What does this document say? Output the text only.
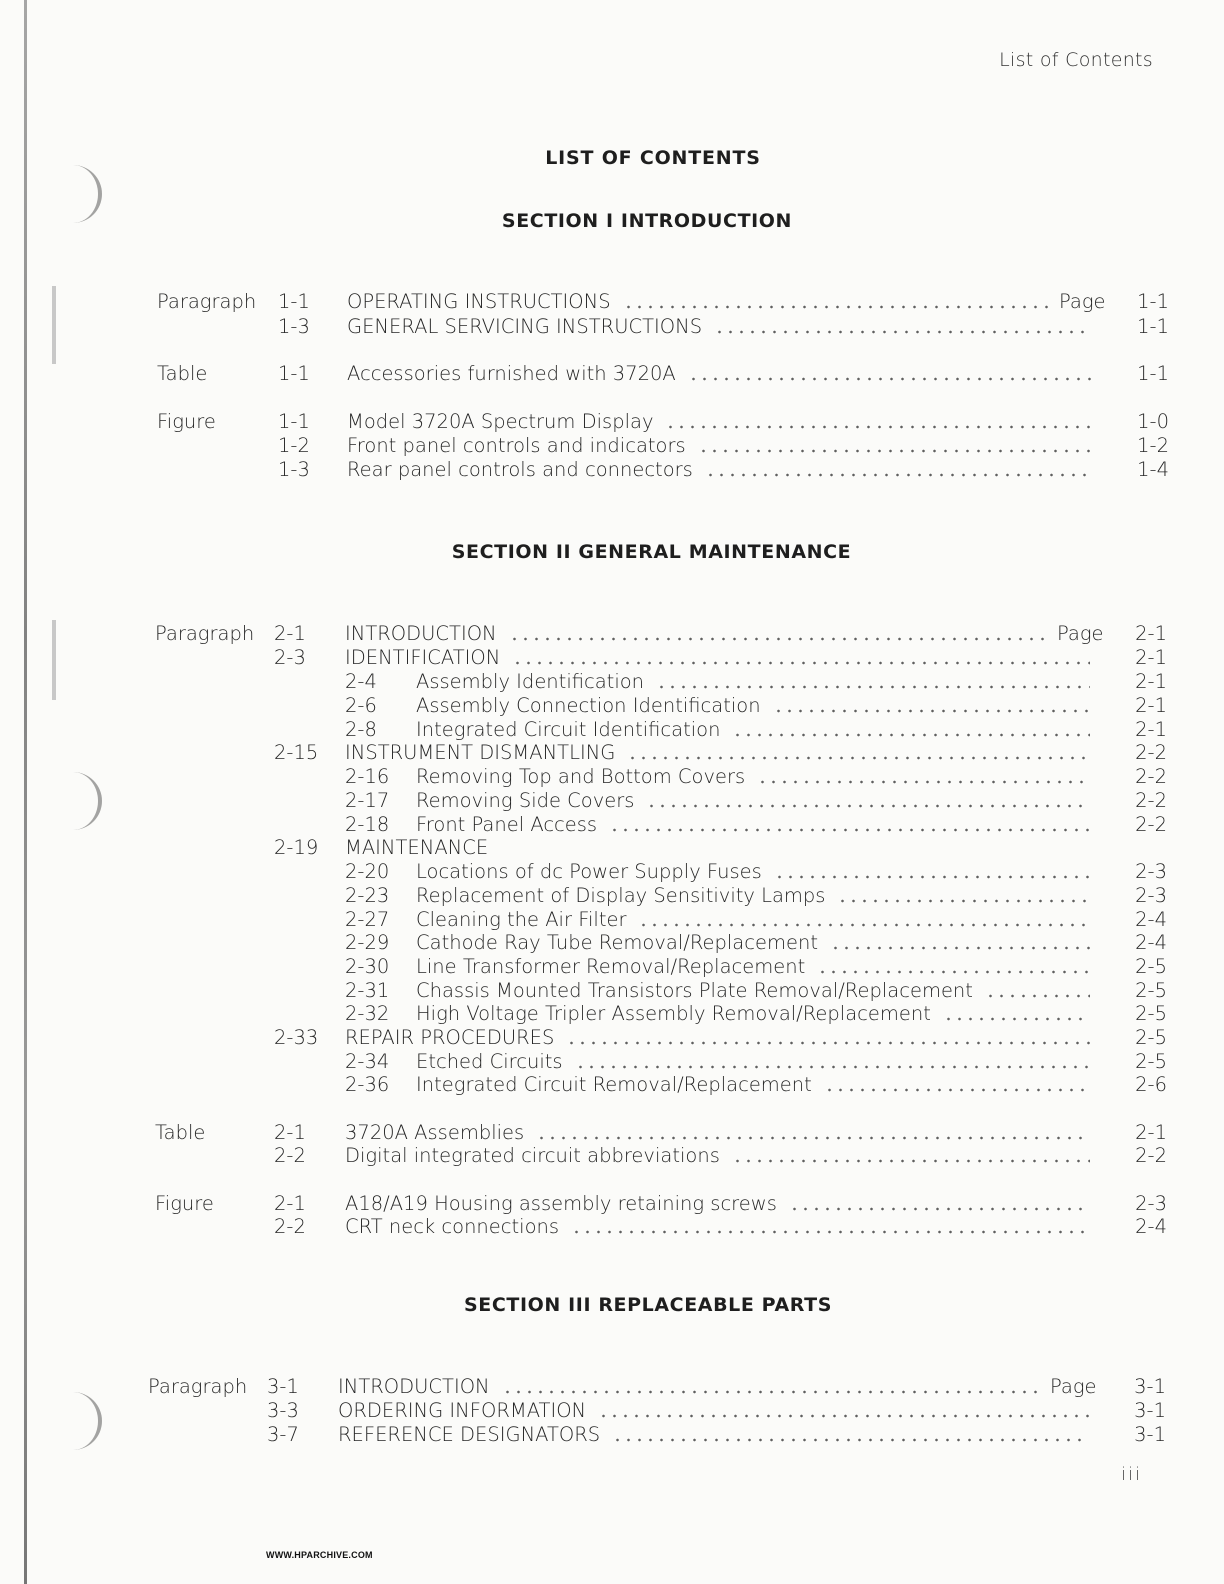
List of Contents
LIST OF CONTENTS
SECTION I INTRODUCTION
Paragraph 1-1 OPERATING INSTRUCTIONS	Page	1-1
1-3 GENERAL SERVICING INSTRUCTIONS	1-1
Table	1-1 Accessories furnished with 3720A	1-1
Figure	1-1 Model 3720A Spectrum Display	1-0
1-2 Front panel controls and indicators	1-2
1-3 Rear panel controls and connectors	1-4
SECTION II GENERAL MAINTENANCE
Paragraph 2-1 INTRODUCTION	Page	2-1
2-3 IDENTIFICATION	2-1
2-4 Assembly Identification	2-1
2-6 Assembly Connection Identification	2-1
2-8 Integrated Circuit Identification	2-1
2-15 INSTRUMENT DISMANTLING	2-2
2-16 Removing Top and Bottom Covers	2-2
2-17 Removing Side Covers	2-2
2-18 Front Panel Access	2-2
2-19 MAINTENANCE
2-20 Locations of dc Power Supply Fuses	2-3
2-23 Replacement of Display Sensitivity Lamps	2-3
2-27 Cleaning the Air Filter	2-4
2-29 Cathode Ray Tube Removal/Replacement	2-4
2-30 Line Transformer Removal/Replacement	2-5
2-31 Chassis Mounted Transistors Plate Removal/Replacement	2-5
2-32 High Voltage Tripler Assembly Removal/Replacement	2-5
2-33 REPAIR PROCEDURES	2-5
2-34 Etched Circuits	2-5
2-36 Integrated Circuit Removal/Replacement	2-6
Table	2-1 3720A Assemblies	2-1
2-2 Digital integrated circuit abbreviations	2-2
Figure	2-1 A18/A19 Housing assembly retaining screws	2-3
2-2 CRT neck connections	2-4
SECTION III REPLACEABLE PARTS
Paragraph 3-1 INTRODUCTION	Page	3-1
3-3 ORDERING INFORMATION	3-1
3-7 REFERENCE DESIGNATORS	3-1
iii
WWW.HPARCHIVE.COM
